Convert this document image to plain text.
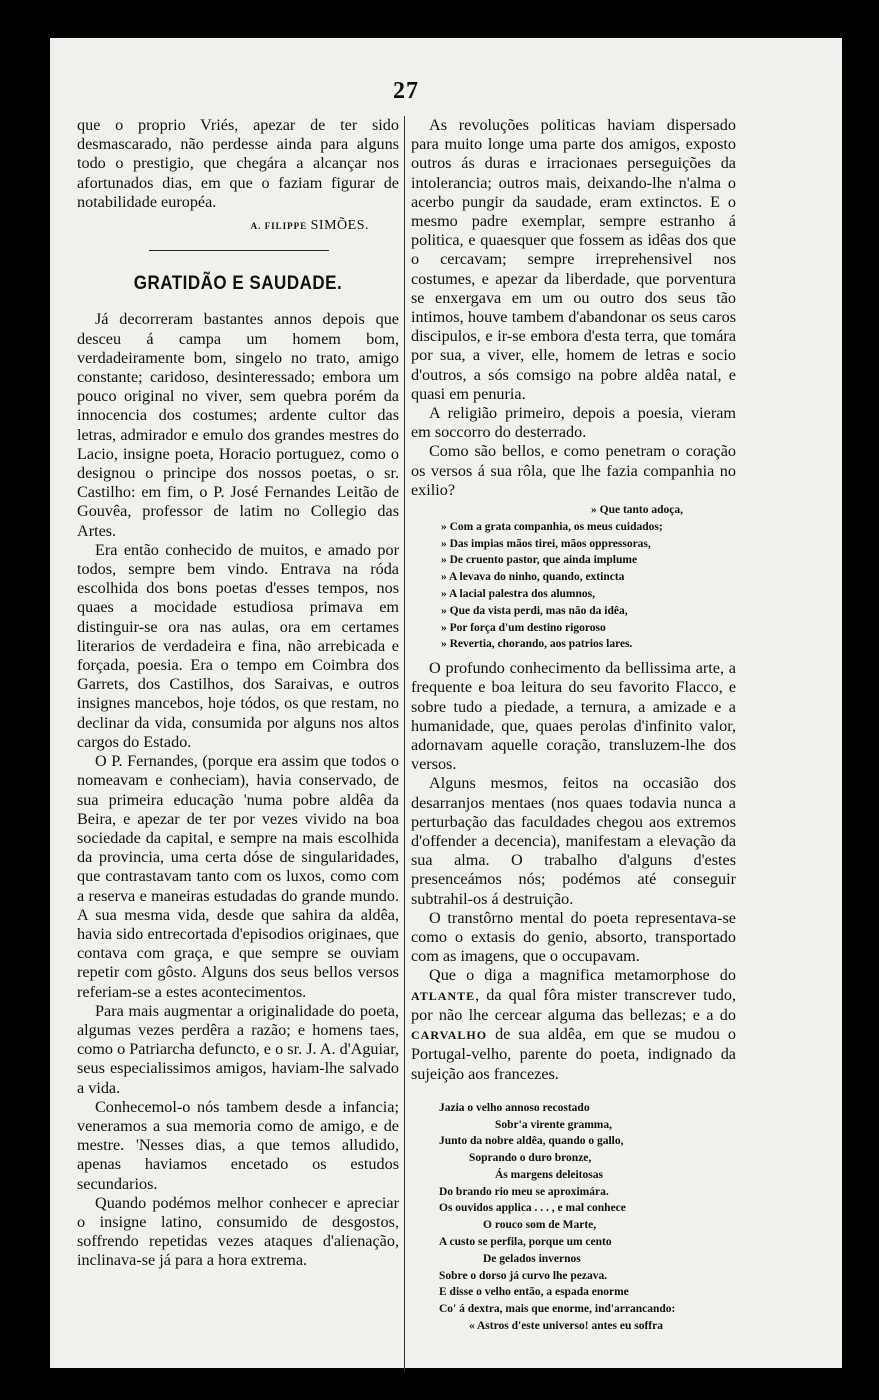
27

que o proprio Vriés, apezar de ter sido desmascarado, não perdesse ainda para alguns todo o prestigio, que chegára a alcançar nos afortunados dias, em que o faziam figurar de notabilidade européa.

A. FILIPPE SIMÕES.
GRATIDÃO E SAUDADE.

Já decorreram bastantes annos depois que desceu á campa um homem bom, verdadeiramente bom, singelo no trato, amigo constante; caridoso, desinteressado; embora um pouco original no viver, sem quebra porém da innocencia dos costumes; ardente cultor das letras, admirador e emulo dos grandes mestres do Lacio, insigne poeta, Horacio portuguez, como o designou o principe dos nossos poetas, o sr. Castilho: em fim, o P. José Fernandes Leitão de Gouvêa, professor de latim no Collegio das Artes.

Era então conhecido de muitos, e amado por todos, sempre bem vindo. Entrava na róda escolhida dos bons poetas d'esses tempos, nos quaes a mocidade estudiosa primava em distinguir-se ora nas aulas, ora em certames literarios de verdadeira e fina, não arrebicada e forçada, poesia. Era o tempo em Coimbra dos Garrets, dos Castilhos, dos Saraivas, e outros insignes mancebos, hoje tódos, os que restam, no declinar da vida, consumida por alguns nos altos cargos do Estado.

O P. Fernandes, (porque era assim que todos o nomeavam e conheciam), havia conservado, de sua primeira educação 'numa pobre aldêa da Beira, e apezar de ter por vezes vivido na boa sociedade da capital, e sempre na mais escolhida da provincia, uma certa dóse de singularidades, que contrastavam tanto com os luxos, como com a reserva e maneiras estudadas do grande mundo. A sua mesma vida, desde que sahira da aldêa, havia sido entrecortada d'episodios originaes, que contava com graça, e que sempre se ouviam repetir com gôsto. Alguns dos seus bellos versos referiam-se a estes acontecimentos.

Para mais augmentar a originalidade do poeta, algumas vezes perdêra a razão; e homens taes, como o Patriarcha defuncto, e o sr. J. A. d'Aguiar, seus especialissimos amigos, haviam-lhe salvado a vida.

Conhecemol-o nós tambem desde a infancia; veneramos a sua memoria como de amigo, e de mestre. 'Nesses dias, a que temos alludido, apenas haviamos encetado os estudos secundarios.

Quando podémos melhor conhecer e apreciar o insigne latino, consumido de desgostos, soffrendo repetidas vezes ataques d'alienação, inclinava-se já para a hora extrema.

As revoluções politicas haviam dispersado para muito longe uma parte dos amigos, exposto outros ás duras e irracionaes perseguições da intolerancia; outros mais, deixando-lhe n'alma o acerbo pungir da saudade, eram extinctos. E o mesmo padre exemplar, sempre estranho á politica, e quaesquer que fossem as idêas dos que o cercavam; sempre irreprehensivel nos costumes, e apezar da liberdade, que porventura se enxergava em um ou outro dos seus tão intimos, houve tambem d'abandonar os seus caros discipulos, e ir-se embora d'esta terra, que tomára por sua, a viver, elle, homem de letras e socio d'outros, a sós comsigo na pobre aldêa natal, e quasi em penuria.

A religião primeiro, depois a poesia, vieram em soccorro do desterrado.

Como são bellos, e como penetram o coração os versos á sua rôla, que lhe fazia companhia no exilio?

» Que tanto adoça,
» Com a grata companhia, os meus cuidados;
» Das impias mãos tirei, mãos oppressoras,
» De cruento pastor, que ainda implume
» A levava do ninho, quando, extincta
» A lacial palestra dos alumnos,
» Que da vista perdi, mas não da idêa,
» Por força d'um destino rigoroso
» Revertia, chorando, aos patrios lares.

O profundo conhecimento da bellissima arte, a frequente e boa leitura do seu favorito Flacco, e sobre tudo a piedade, a ternura, a amizade e a humanidade, que, quaes perolas d'infinito valor, adornavam aquelle coração, transluzem-lhe dos versos.

Alguns mesmos, feitos na occasião dos desarranjos mentaes (nos quaes todavia nunca a perturbação das faculdades chegou aos extremos d'offender a decencia), manifestam a elevação da sua alma. O trabalho d'alguns d'estes presenceámos nós; podémos até conseguir subtrahil-os á destruição.

O transtôrno mental do poeta representava-se como o extasis do genio, absorto, transportado com as imagens, que o occupavam.

Que o diga a magnifica metamorphose do ATLANTE, da qual fôra mister transcrever tudo, por não lhe cercear alguma das bellezas; e a do CARVALHO de sua aldêa, em que se mudou o Portugal-velho, parente do poeta, indignado da sujeição aos francezes.

Jazia o velho annoso recostado
Sobr'a virente gramma,
Junto da nobre aldêa, quando o gallo,
Soprando o duro bronze,
Ás margens deleitosas
Do brando rio meu se aproximára.
Os ouvidos applica . . . , e mal conhece
O rouco som de Marte,
A custo se perfila, porque um cento
De gelados invernos
Sobre o dorso já curvo lhe pezava.
E disse o velho então, a espada enorme
Co' á dextra, mais que enorme, ind'arrancando:
« Astros d'este universo! antes eu soffra
